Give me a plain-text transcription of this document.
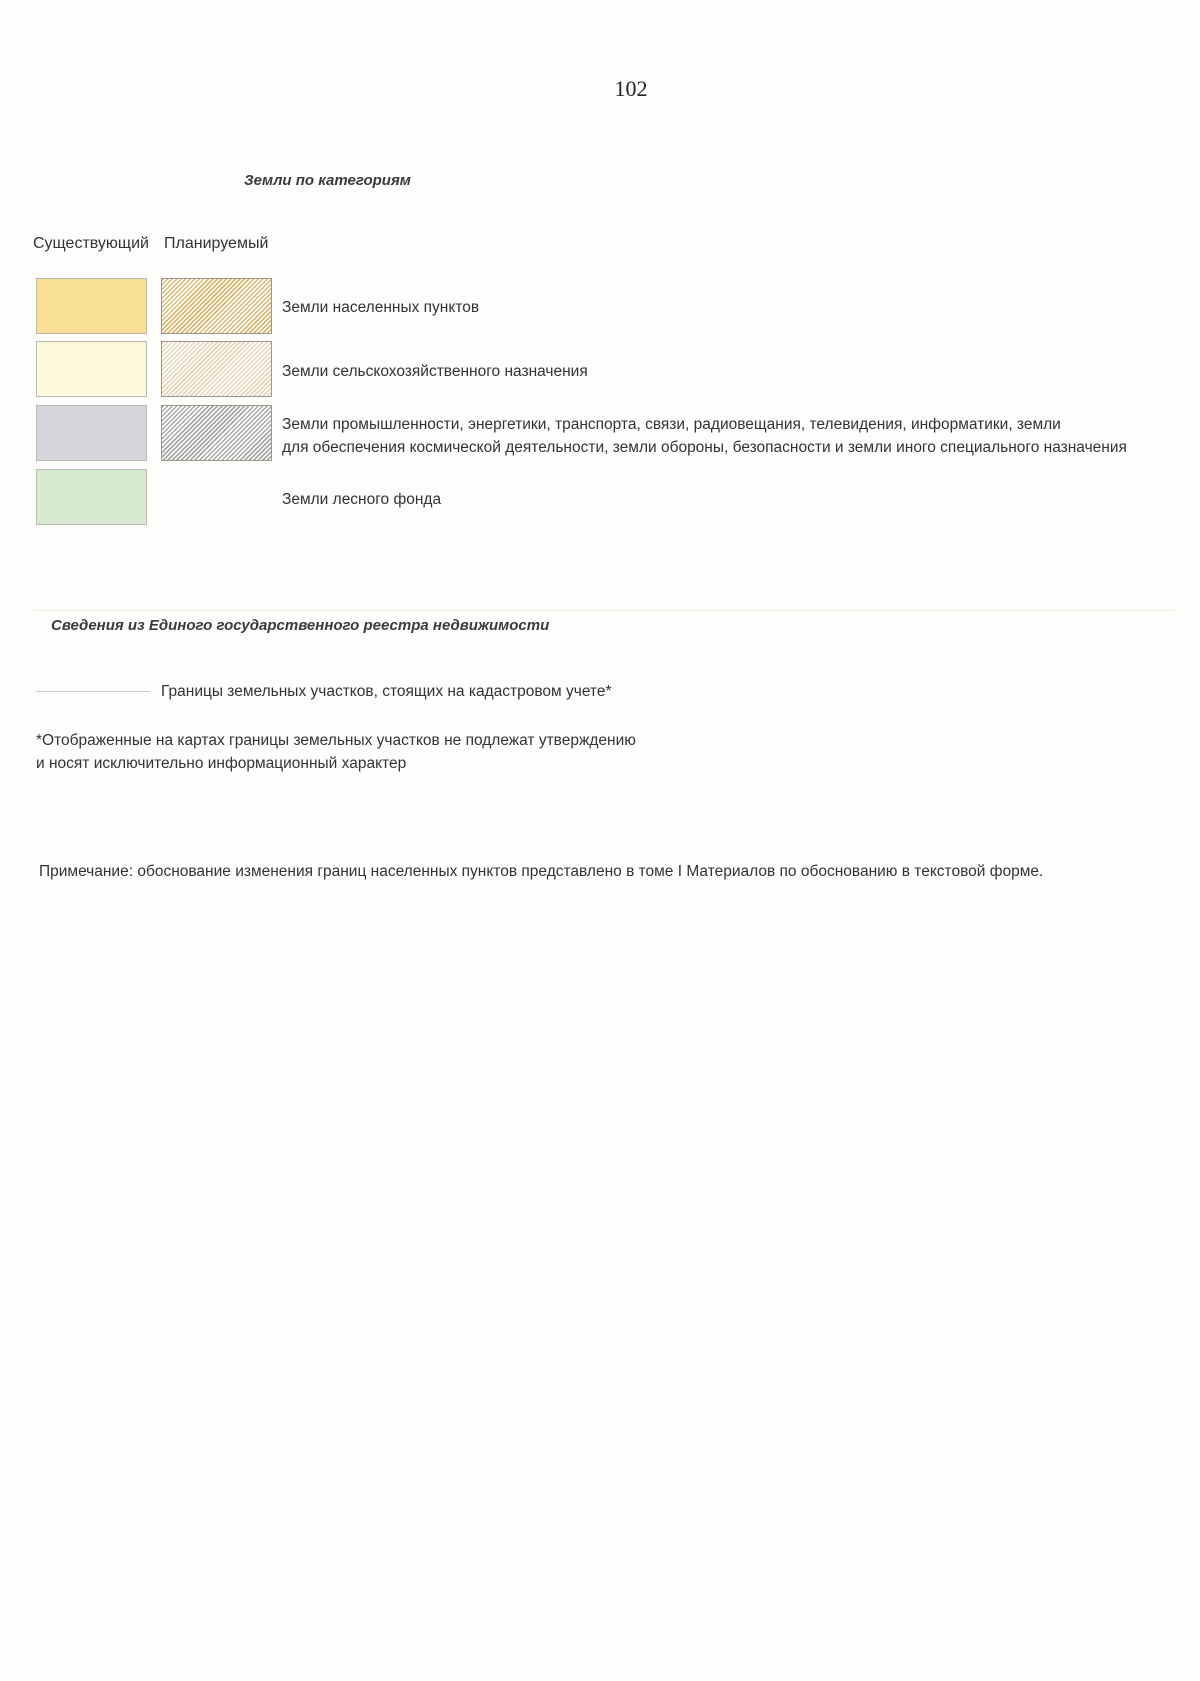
102
Земли по категориям
Существующий Планируемый
Земли населенных пунктов
Земли сельскохозяйственного назначения
Земли промышленности, энергетики, транспорта, связи, радиовещания, телевидения, информатики, земли
для обеспечения космической деятельности, земли обороны, безопасности и земли иного специального назначения
Земли лесного фонда
Сведения из Единого государственного реестра недвижимости
Границы земельных участков, стоящих на кадастровом учете*
*Отображенные на картах границы земельных участков не подлежат утверждению
и носят исключительно информационный характер
Примечание: обоснование изменения границ населенных пунктов представлено в томе I Материалов по обоснованию в текстовой форме.
